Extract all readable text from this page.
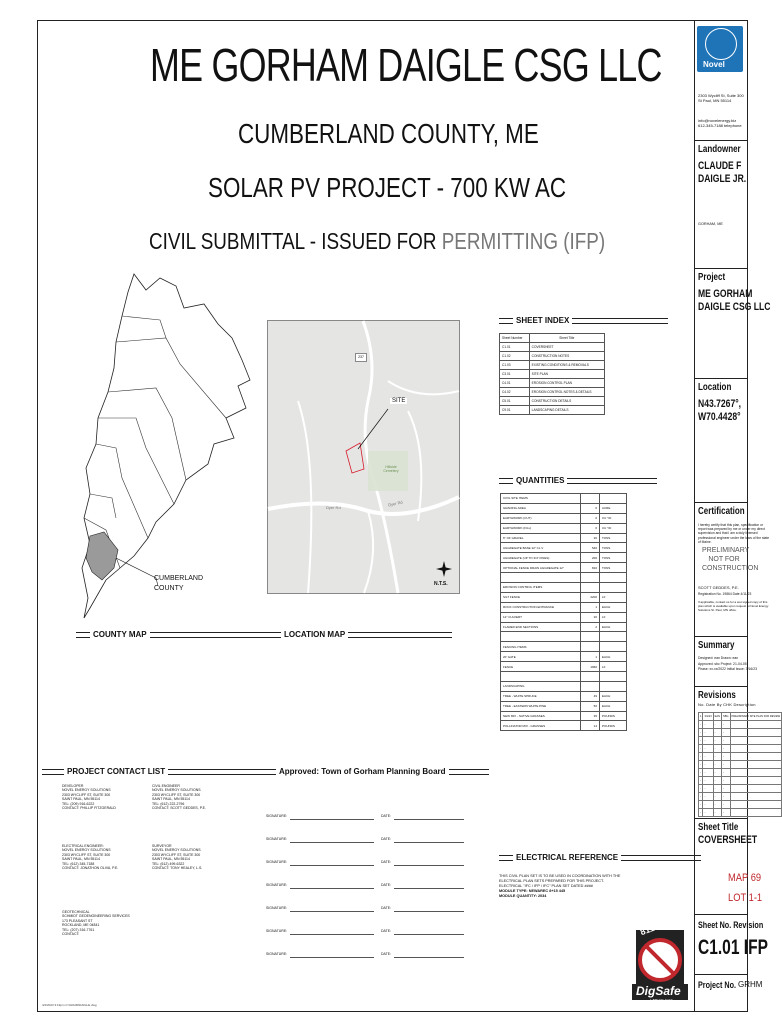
ME GORHAM DAIGLE CSG LLC
CUMBERLAND COUNTY, ME
SOLAR PV PROJECT - 700 KW AC
CIVIL SUBMITTAL - ISSUED FOR PERMITTING (IFP)
CUMBERLAND
COUNTY
COUNTY MAP
237
SITE
Dyer Rd
Dyer Rd
Hillside Cemetery
N.T.S.
LOCATION MAP
SHEET INDEX
Sheet Number	Sheet Title
C1.01	COVERSHEET
C1.02	CONSTRUCTION NOTES
C1.03	EXISTING CONDITIONS & REMOVALS
C3.01	SITE PLAN
C4.01	EROSION CONTROL PLAN
C4.02	EROSION CONTROL NOTES & DETAILS
C5.01	CONSTRUCTION DETAILS
C9.01	LANDSCAPING DETAILS
QUANTITIES
CIVIL SITE ITEMS		
GRADING AREA	0	ACRE
EARTHWORK (CUT)	0	CU YD
EARTHWORK (FILL)	0	CU YD
6" OF GRAVEL	30	TONS
AGGREGATE BASE 12" CL V	540	TONS
AGGREGATE (UP TO 3/4" FINES)	200	TONS
OPTIONAL FENCE DRAIN AGGREGATE 12"	810	TONS

EROSION CONTROL ITEMS		
SILT FENCE	2200	LF
ROCK CONSTRUCTION ENTRANCE	1	EACH
12" CULVERT	20	LF
FLARED END SECTIONS	2	EACH

FENCING ITEMS		
20' GATE	1	EACH
FENCE	1960	LF

LANDSCAPING		
TREE - WHITE SPRUCE	49	EACH
TREE - EASTERN WHITE PINE	50	EACH
NEW MIX - NATIVE GRASSES	35	POUNDS
POLLINATOR MIX - GRASSES	14	POUNDS
PROJECT CONTACT LIST
DEVELOPER
NOVEL ENERGY SOLUTIONS
2303 WYCLIFF ST, SUITE 300
SAINT PAUL, MN 55114
TEL: (209) 916-6222
CONTACT: PHILLIP FITZGERALD
CIVIL ENGINEER
NOVEL ENERGY SOLUTIONS
2303 WYCLIFF ST, SUITE 300
SAINT PAUL, MN 55114
TEL: (612) 222-2796
CONTACT: SCOTT GEDDES, P.E.
ELECTRICAL ENGINEER:
NOVEL ENERGY SOLUTIONS
2303 WYCLIFF ST, SUITE 300
SAINT PAUL, MN 55114
TEL: (612) 345-7188
CONTACT: JONATHON OLIVA, P.E.
SURVEYOR
NOVEL ENERGY SOLUTIONS
2303 WYCLIFF ST, SUITE 300
SAINT PAUL, MN 55114
TEL: (612) 499-6322
CONTACT: TONY HEALEY, L.S.
GEOTECHNICAL
SCHMIDT GEOENGINEERING SERVICES
173 PLEASANT ST
ROCKLAND, ME 04841
TEL: (207) 316-7761
CONTACT:
Approved: Town of Gorham Planning Board
SIGNATURE:	DATE:
SIGNATURE:	DATE:
SIGNATURE:	DATE:
SIGNATURE:	DATE:
SIGNATURE:	DATE:
SIGNATURE:	DATE:
SIGNATURE:	DATE:
ELECTRICAL REFERENCE
THIS CIVIL PLAN SET IS TO BE USED IN COORDINATION WITH THE
ELECTRICAL PLAN SETS PREPARED FOR THIS PROJECT.
ELECTRICAL "IFC / IFP / IFC" PLAN SET DATED ####
MODULE TYPE: NEWAREC 8+15 445
MODULE QUANTITY: 2034
811
DigSafe
1-888-DIG-SAFE
4/4/2023 3:19pm C:\GRHM\DAIGLE.dwg
Novel
2303 Wycliff St, Suite 300
St Paul, MN 55114
info@novelenergy.biz
612-345-7188 telephone
Landowner
CLAUDE F
DAIGLE JR.
GORHAM, ME
Project
ME GORHAM
DAIGLE CSG LLC
Location
N43.7267°,
W70.4428°
Certification
I hereby certify that this plan, specification or
report was prepared by me or under my direct
supervision and that I am a duly licensed
professional engineer under the laws of the state
of Maine.
PRELIMINARY
NOT FOR
CONSTRUCTION
SCOTT GEDDES, P.E.
Registration No. 19864 Date 4/11/23
If applicable, contact us for a wet signed copy of this
plan which is available upon request at Novel Energy
Solutions St. Paul, MN office.
Summary
Designed: ean Drawn: ean
Approved: sbc Project: 21-04-05
Phase: xx-xx/2022 Initial Issue: 3/16/23
Revisions
No. Date By CHK Description
1	3/1/23	EAN	SBG	PRELIMINARY SITE PLAN FOR REVIEW
-	-	-	-	
-	-	-	-	
-	-	-	-	
-	-	-	-	
-	-	-	-	
-	-	-	-	
-	-	-	-	
-	-	-	-	
-	-	-	-	
-	-	-	-	
-	-	-	-	
-	-	-	-	
Sheet Title
COVERSHEET
MAP 69
LOT 1-1
Sheet No. Revision
C1.01 IFP
Project No. GRHM
